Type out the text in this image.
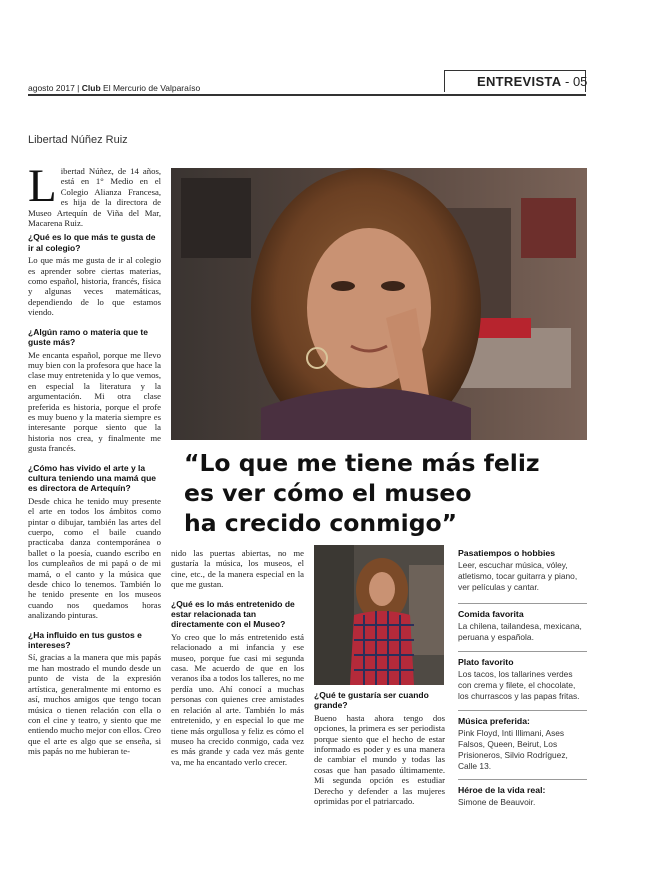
agosto 2017 | Club El Mercurio de Valparaíso	ENTREVISTA - 05
Libertad Núñez Ruiz

Libertad Núñez, de 14 años, está en 1° Medio en el Colegio Alianza Francesa, es hija de la directora de Museo Artequín de Viña del Mar, Macarena Ruiz.

¿Qué es lo que más te gusta de ir al colegio?

Lo que más me gusta de ir al colegio es aprender sobre ciertas materias, como español, historia, francés, física y algunas veces matemáticas, dependiendo de lo que estamos viendo.

¿Algún ramo o materia que te guste más?

Me encanta español, porque me llevo muy bien con la profesora que hace la clase muy entretenida y lo que vemos, en especial la literatura y la argumentación. Mi otra clase preferida es historia, porque el profe es muy bueno y la materia siempre es interesante porque siento que la historia nos crea, y finalmente me gusta francés.

¿Cómo has vivido el arte y la cultura teniendo una mamá que es directora de Artequín?

Desde chica he tenido muy presente el arte en todos los ámbitos como pintar o dibujar, también las artes del cuerpo, como el baile cuando practicaba danza contemporánea o ballet o la poesía, cuando escribo en los cumpleaños de mi papá o de mi mamá, o el canto y la música que desde chico lo tenemos. También lo he tenido presente en los museos cuando nos quedamos horas analizando pinturas.

¿Ha influido en tus gustos e intereses?

Sí, gracias a la manera que mis papás me han mostrado el mundo desde un punto de vista de la expresión artística, generalmente mi entorno es así, muchos amigos que tengo tocan música o tienen relación con ella o con el cine y teatro, y siento que me entiendo mucho mejor con ellos. Creo que el arte es algo que se enseña, si mis papás no me hubieran te-

“Lo que me tiene más feliz
es ver cómo el museo
ha crecido conmigo”

nido las puertas abiertas, no me gustaría la música, los museos, el cine, etc., de la manera especial en la que me gustan.

¿Qué es lo más entretenido de estar relacionada tan directamente con el Museo?

Yo creo que lo más entretenido está relacionado a mi infancia y ese museo, porque fue casi mi segunda casa. Me acuerdo de que en los veranos iba a todos los talleres, no me perdía uno. Ahí conocí a muchas personas con quienes cree amistades en relación al arte. También lo más entretenido, y en especial lo que me tiene más orgullosa y feliz es cómo el museo ha crecido conmigo, cada vez es más grande y cada vez más gente va, me ha encantado verlo crecer.

¿Qué te gustaría ser cuando grande?

Bueno hasta ahora tengo dos opciones, la primera es ser periodista porque siento que el hecho de estar informado es poder y es una manera de cambiar el mundo y todas las cosas que han pasado últimamente. Mi segunda opción es estudiar Derecho y defender a las mujeres oprimidas por el patriarcado.

Pasatiempos o hobbies
Leer, escuchar música, vóley, atletismo, tocar guitarra y piano, ver películas y cantar.
Comida favorita
La chilena, tailandesa, mexicana, peruana y española.
Plato favorito
Los tacos, los tallarines verdes con crema y filete, el chocolate, los churrascos y las papas fritas.
Música preferida:
Pink Floyd, Inti Illimani, Ases Falsos, Queen, Beirut, Los Prisioneros, Silvio Rodríguez, Calle 13.
Héroe de la vida real:
Simone de Beauvoir.
